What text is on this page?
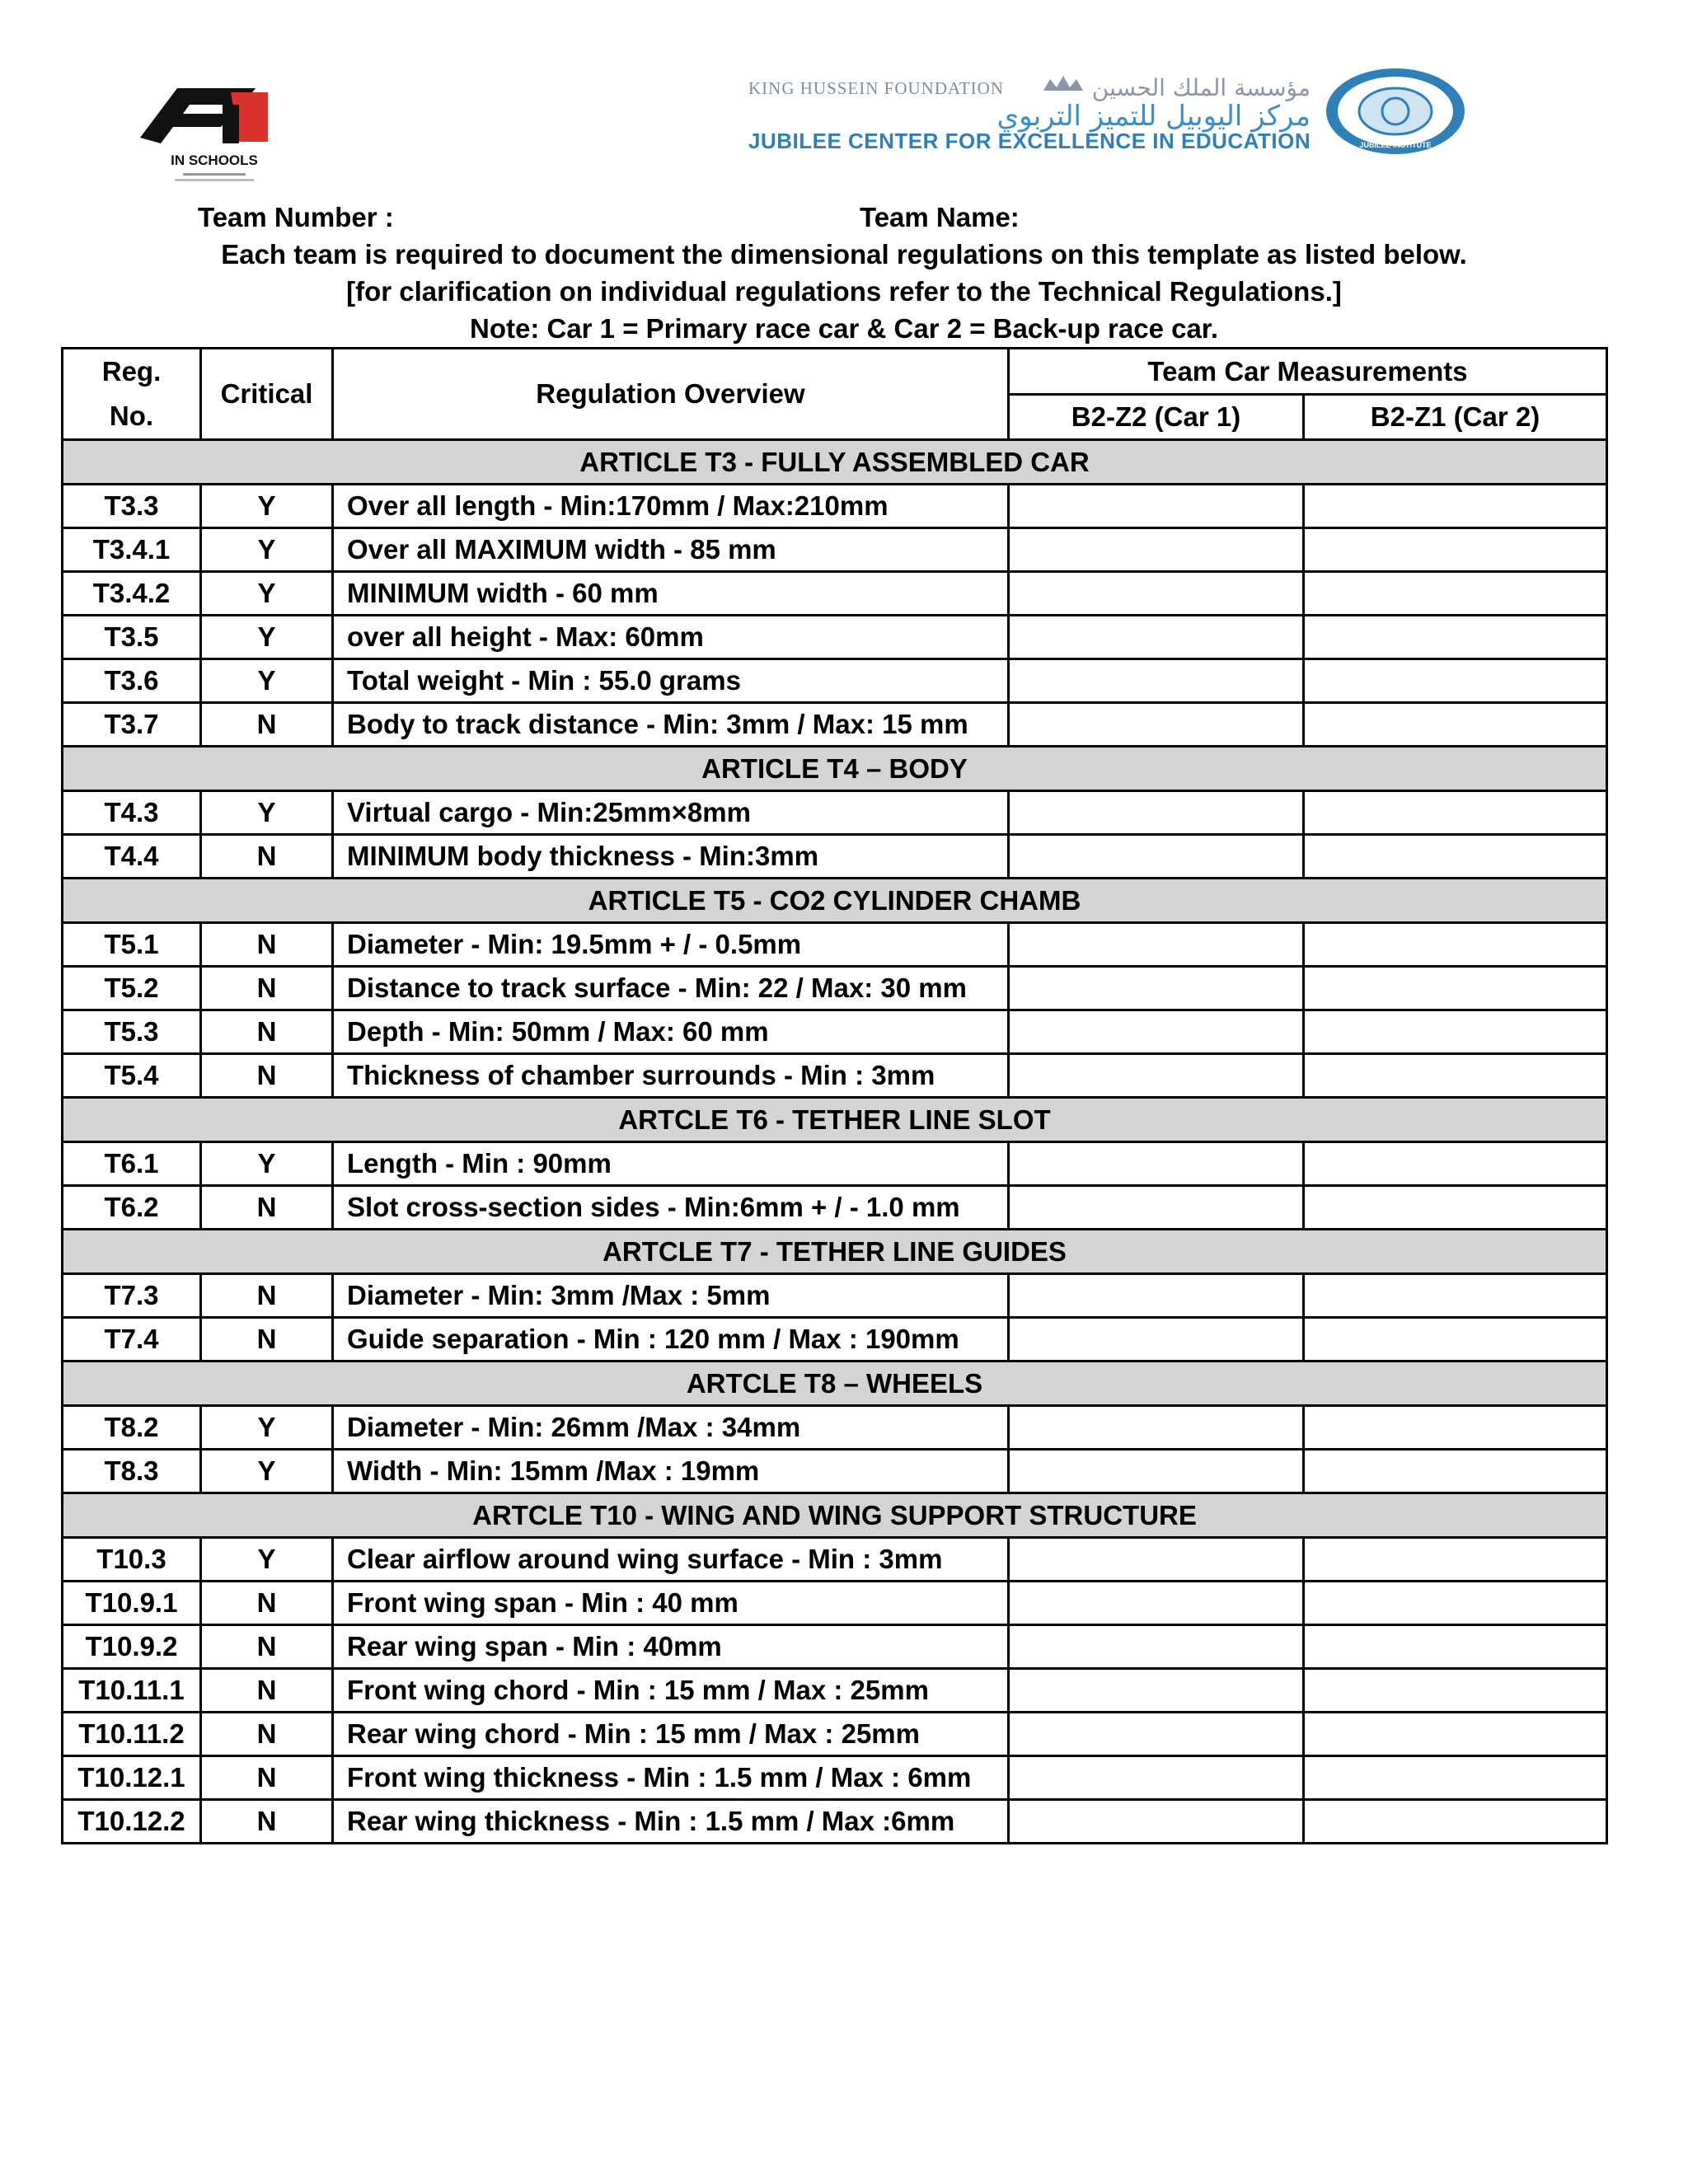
IN SCHOOLS
KING HUSSEIN FOUNDATION	مؤسسة الملك الحسين
مركز اليوبيل للتميز التربوي
JUBILEE CENTER FOR EXCELLENCE IN EDUCATION	JUBILEE INSTITUTE
Team Number :	Team Name:
Each team is required to document the dimensional regulations on this template as listed below.
[for clarification on individual regulations refer to the Technical Regulations.]
Note: Car 1 = Primary race car & Car 2 = Back-up race car.
Reg.
No.	Critical	Regulation Overview	Team Car Measurements	
			B2-Z2 (Car 1)	B2-Z1 (Car 2)
ARTICLE T3 - FULLY ASSEMBLED CAR				
T3.3	Y	Over all length - Min:170mm / Max:210mm		
T3.4.1	Y	Over all MAXIMUM width - 85 mm		
T3.4.2	Y	MINIMUM width - 60 mm		
T3.5	Y	over all height - Max: 60mm		
T3.6	Y	Total weight - Min : 55.0 grams		
T3.7	N	Body to track distance - Min: 3mm / Max: 15 mm		
ARTICLE T4 – BODY				
T4.3	Y	Virtual cargo - Min:25mm×8mm		
T4.4	N	MINIMUM body thickness - Min:3mm		
ARTICLE T5 - CO2 CYLINDER CHAMB				
T5.1	N	Diameter - Min: 19.5mm + / - 0.5mm		
T5.2	N	Distance to track surface - Min: 22 / Max: 30 mm		
T5.3	N	Depth - Min: 50mm / Max: 60 mm		
T5.4	N	Thickness of chamber surrounds - Min : 3mm		
ARTCLE T6 - TETHER LINE SLOT				
T6.1	Y	Length - Min : 90mm		
T6.2	N	Slot cross-section sides - Min:6mm + / - 1.0 mm		
ARTCLE T7 - TETHER LINE GUIDES				
T7.3	N	Diameter - Min: 3mm /Max : 5mm		
T7.4	N	Guide separation - Min : 120 mm / Max : 190mm		
ARTCLE T8 – WHEELS				
T8.2	Y	Diameter - Min: 26mm /Max : 34mm		
T8.3	Y	Width - Min: 15mm /Max : 19mm		
ARTCLE T10 - WING AND WING SUPPORT STRUCTURE				
T10.3	Y	Clear airflow around wing surface - Min : 3mm		
T10.9.1	N	Front wing span - Min : 40 mm		
T10.9.2	N	Rear wing span - Min : 40mm		
T10.11.1	N	Front wing chord - Min : 15 mm / Max : 25mm		
T10.11.2	N	Rear wing chord - Min : 15 mm / Max : 25mm		
T10.12.1	N	Front wing thickness - Min : 1.5 mm / Max : 6mm		
T10.12.2	N	Rear wing thickness - Min : 1.5 mm / Max :6mm		
